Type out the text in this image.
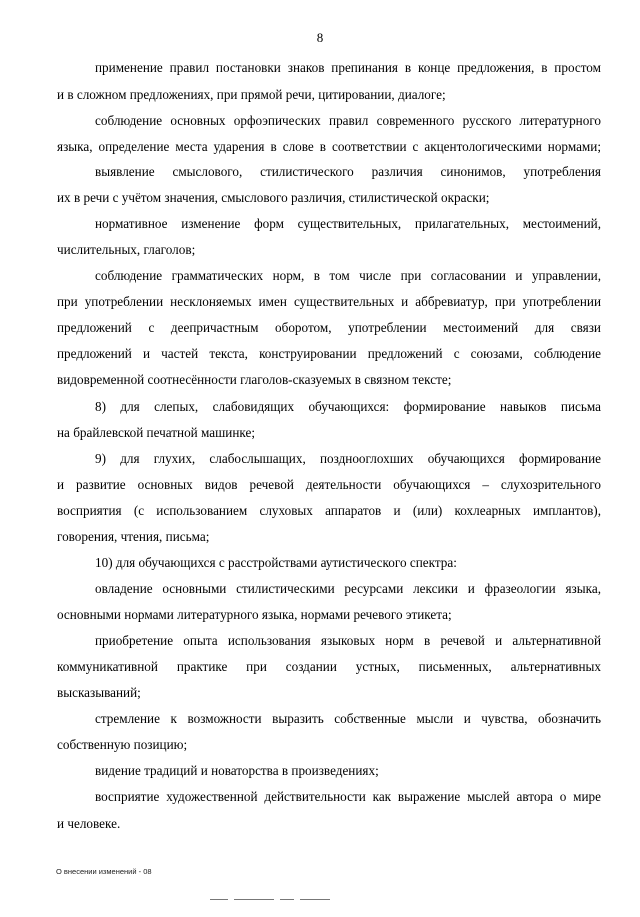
8
применение правил постановки знаков препинания в конце предложения, в простом
и в сложном предложениях, при прямой речи, цитировании, диалоге;
соблюдение основных орфоэпических правил современного русского литературного
языка, определение места ударения в слове в соответствии с акцентологическими нормами;
выявление смыслового, стилистического различия синонимов, употребления
их в речи с учётом значения, смыслового различия, стилистической окраски;
нормативное изменение форм существительных, прилагательных, местоимений,
числительных, глаголов;
соблюдение грамматических норм, в том числе при согласовании и управлении,
при употреблении несклоняемых имен существительных и аббревиатур, при употреблении
предложений с деепричастным оборотом, употреблении местоимений для связи
предложений и частей текста, конструировании предложений с союзами, соблюдение
видовременной соотнесённости глаголов-сказуемых в связном тексте;
8) для слепых, слабовидящих обучающихся: формирование навыков письма
на брайлевской печатной машинке;
9) для глухих, слабослышащих, позднооглохших обучающихся формирование
и развитие основных видов речевой деятельности обучающихся – слухозрительного
восприятия (с использованием слуховых аппаратов и (или) кохлеарных имплантов),
говорения, чтения, письма;
10) для обучающихся с расстройствами аутистического спектра:
овладение основными стилистическими ресурсами лексики и фразеологии языка,
основными нормами литературного языка, нормами речевого этикета;
приобретение опыта использования языковых норм в речевой и альтернативной
коммуникативной практике при создании устных, письменных, альтернативных
высказываний;
стремление к возможности выразить собственные мысли и чувства, обозначить
собственную позицию;
видение традиций и новаторства в произведениях;
восприятие художественной действительности как выражение мыслей автора о мире
и человеке.
О внесении изменений - 08
